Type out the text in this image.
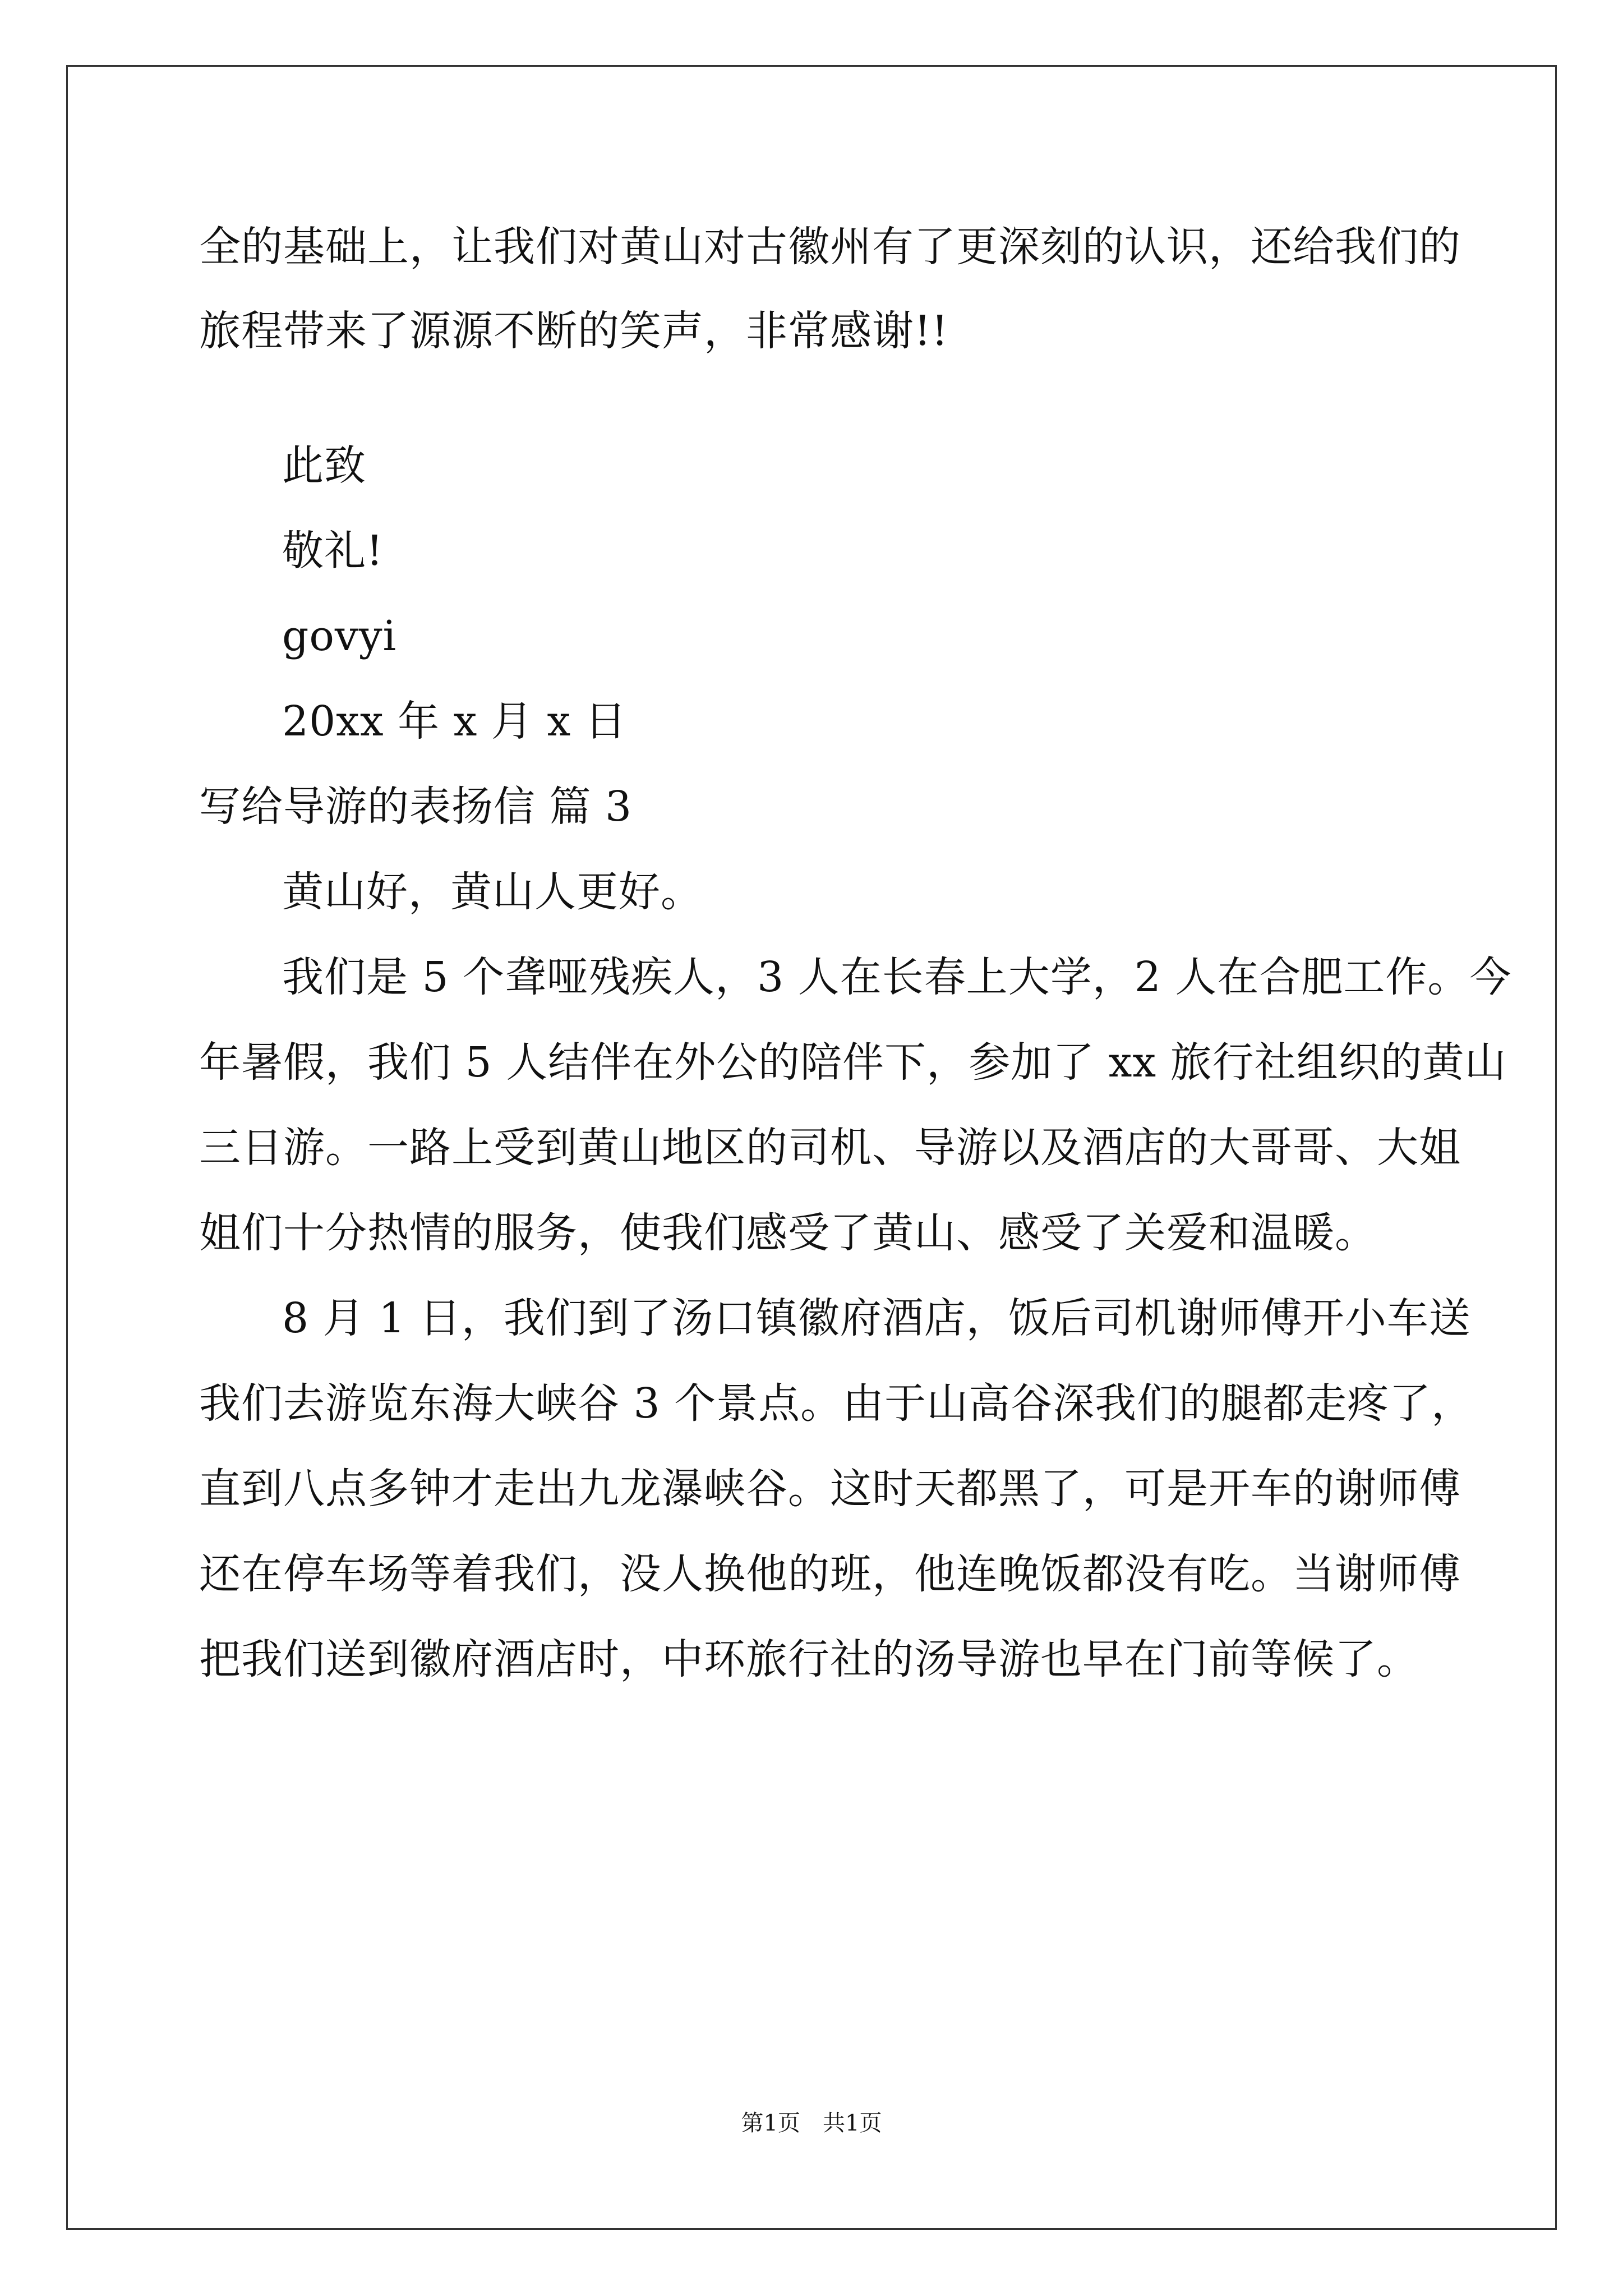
全的基础上，让我们对黄山对古徽州有了更深刻的认识，还给我们的
旅程带来了源源不断的笑声，非常感谢!!
此致
敬礼!
govyi
20xx 年 x 月 x 日
写给导游的表扬信 篇 3
黄山好，黄山人更好。
我们是 5 个聋哑残疾人，3 人在长春上大学，2 人在合肥工作。今
年暑假，我们 5 人结伴在外公的陪伴下，参加了 xx 旅行社组织的黄山
三日游。一路上受到黄山地区的司机、导游以及酒店的大哥哥、大姐
姐们十分热情的服务，使我们感受了黄山、感受了关爱和温暖。
8 月 1 日，我们到了汤口镇徽府酒店，饭后司机谢师傅开小车送
我们去游览东海大峡谷 3 个景点。由于山高谷深我们的腿都走疼了，
直到八点多钟才走出九龙瀑峡谷。这时天都黑了，可是开车的谢师傅
还在停车场等着我们，没人换他的班，他连晚饭都没有吃。当谢师傅
把我们送到徽府酒店时，中环旅行社的汤导游也早在门前等候了。
第1页　共1页
